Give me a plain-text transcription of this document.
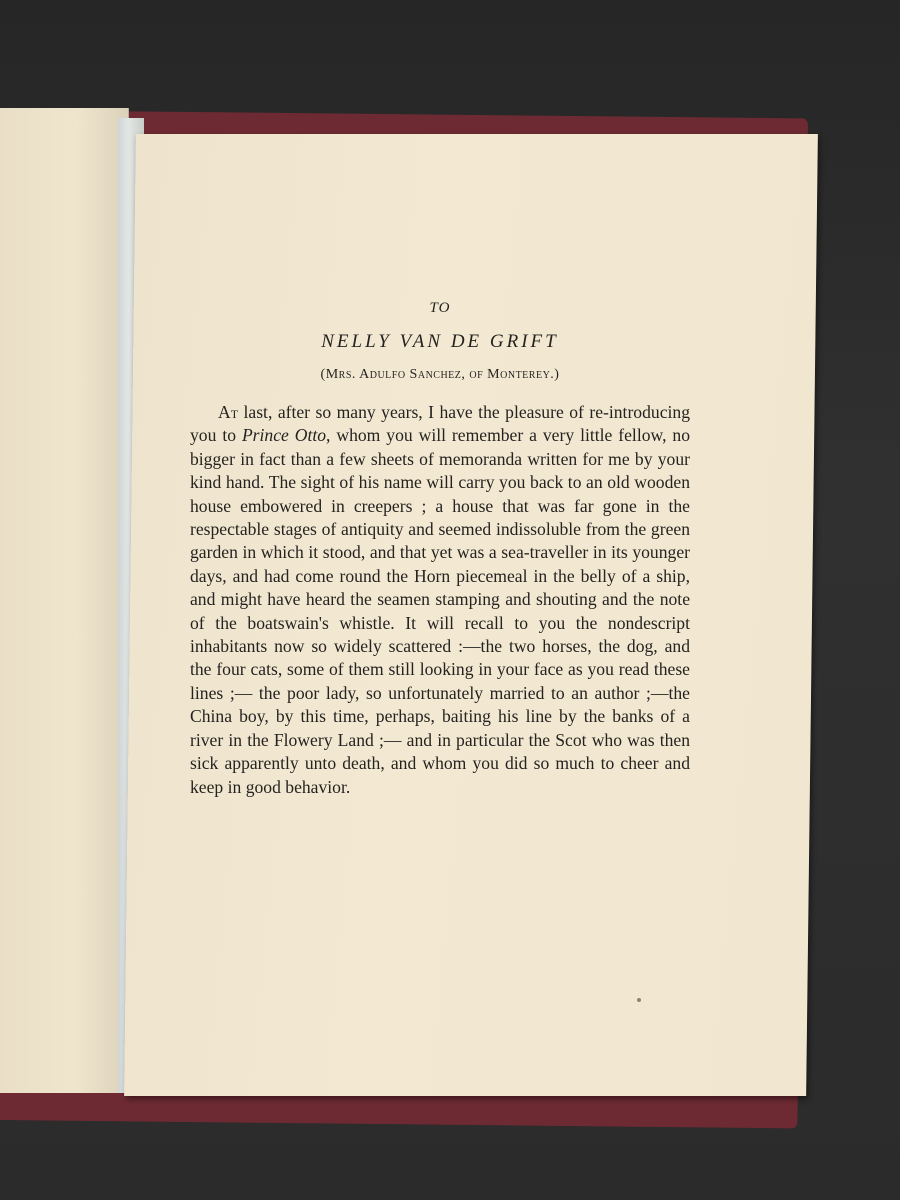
TO

NELLY VAN DE GRIFT

(Mrs. Adulfo Sanchez, of Monterey.)

At last, after so many years, I have the pleasure of re-introducing you to Prince Otto, whom you will remember a very little fellow, no bigger in fact than a few sheets of memoranda written for me by your kind hand. The sight of his name will carry you back to an old wooden house embowered in creepers ; a house that was far gone in the respectable stages of antiquity and seemed indissoluble from the green garden in which it stood, and that yet was a sea-traveller in its younger days, and had come round the Horn piecemeal in the belly of a ship, and might have heard the seamen stamping and shouting and the note of the boatswain's whistle. It will recall to you the nondescript inhabitants now so widely scattered :—the two horses, the dog, and the four cats, some of them still looking in your face as you read these lines ;— the poor lady, so unfortunately married to an author ;—the China boy, by this time, perhaps, baiting his line by the banks of a river in the Flowery Land ;— and in particular the Scot who was then sick apparently unto death, and whom you did so much to cheer and keep in good behavior.
